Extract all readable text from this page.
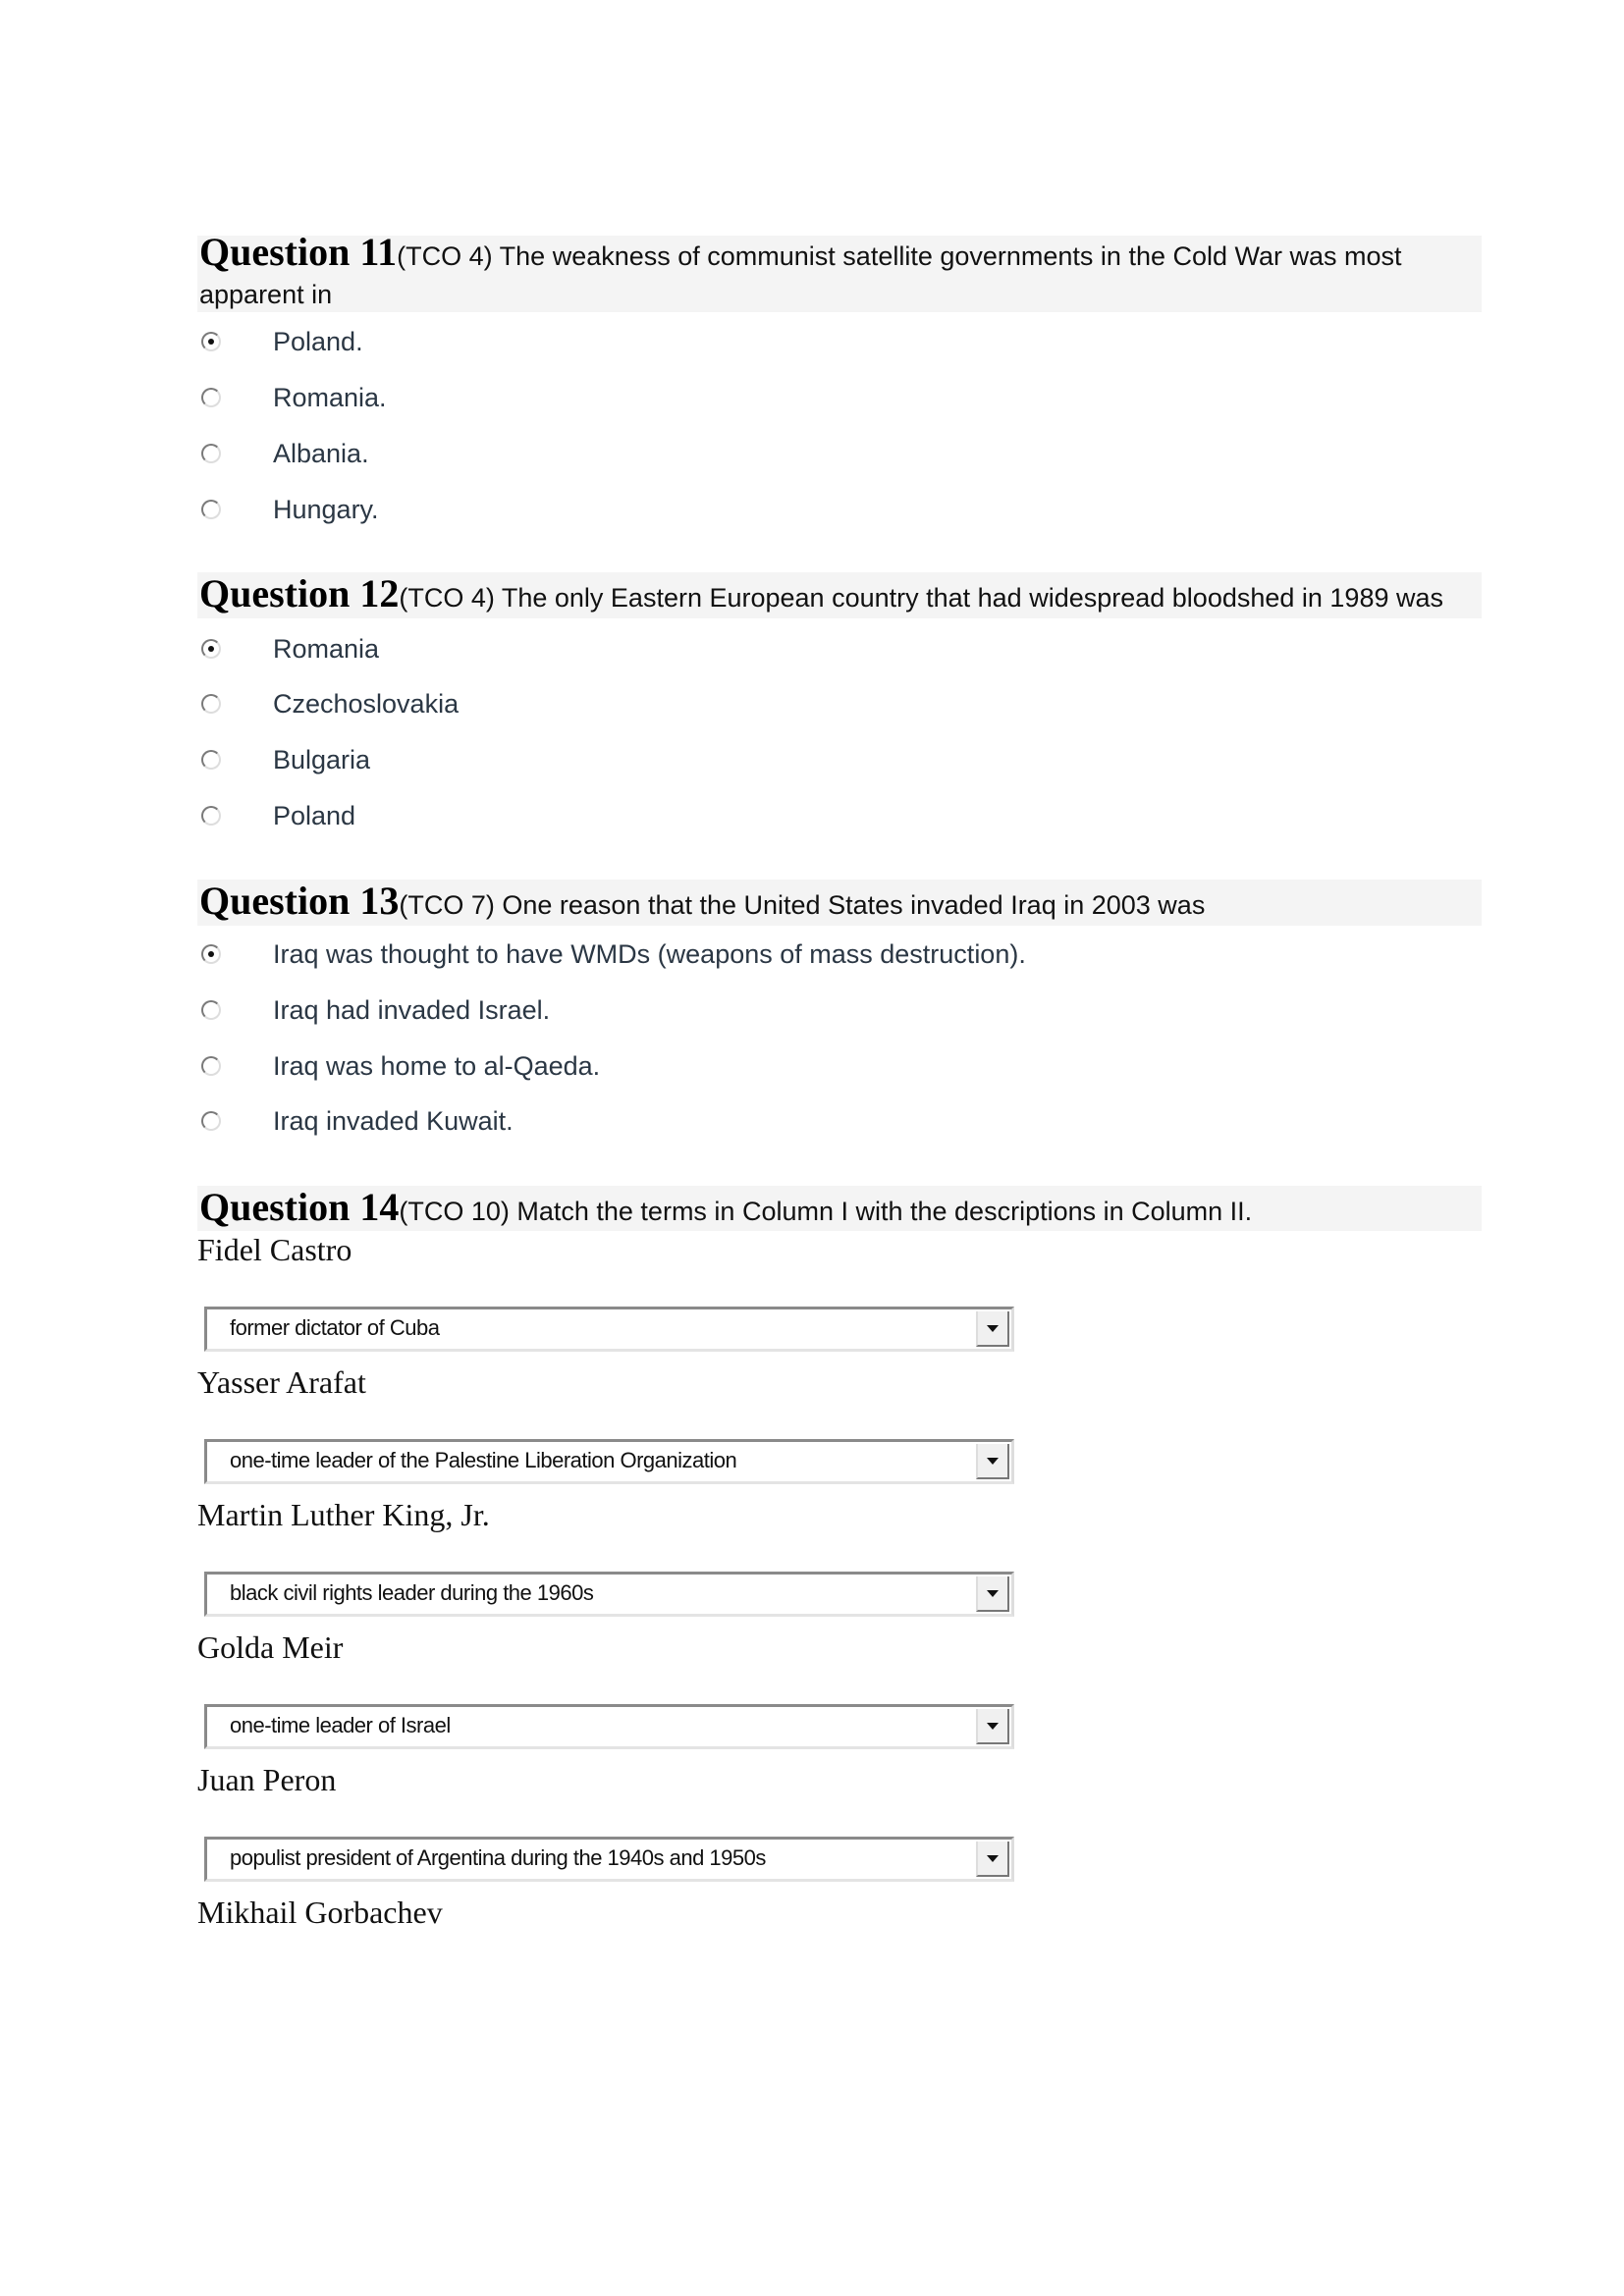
Question 11(TCO 4) The weakness of communist satellite governments in the Cold War was most apparent in
Poland.
Romania.
Albania.
Hungary.
Question 12(TCO 4) The only Eastern European country that had widespread bloodshed in 1989 was
Romania
Czechoslovakia
Bulgaria
Poland
Question 13(TCO 7) One reason that the United States invaded Iraq in 2003 was
Iraq was thought to have WMDs (weapons of mass destruction).
Iraq had invaded Israel.
Iraq was home to al-Qaeda.
Iraq invaded Kuwait.
Question 14(TCO 10) Match the terms in Column I with the descriptions in Column II.
Fidel Castro
former dictator of Cuba
Yasser Arafat
one-time leader of the Palestine Liberation Organization
Martin Luther King, Jr.
black civil rights leader during the 1960s
Golda Meir
one-time leader of Israel
Juan Peron
populist president of Argentina during the 1940s and 1950s
Mikhail Gorbachev
